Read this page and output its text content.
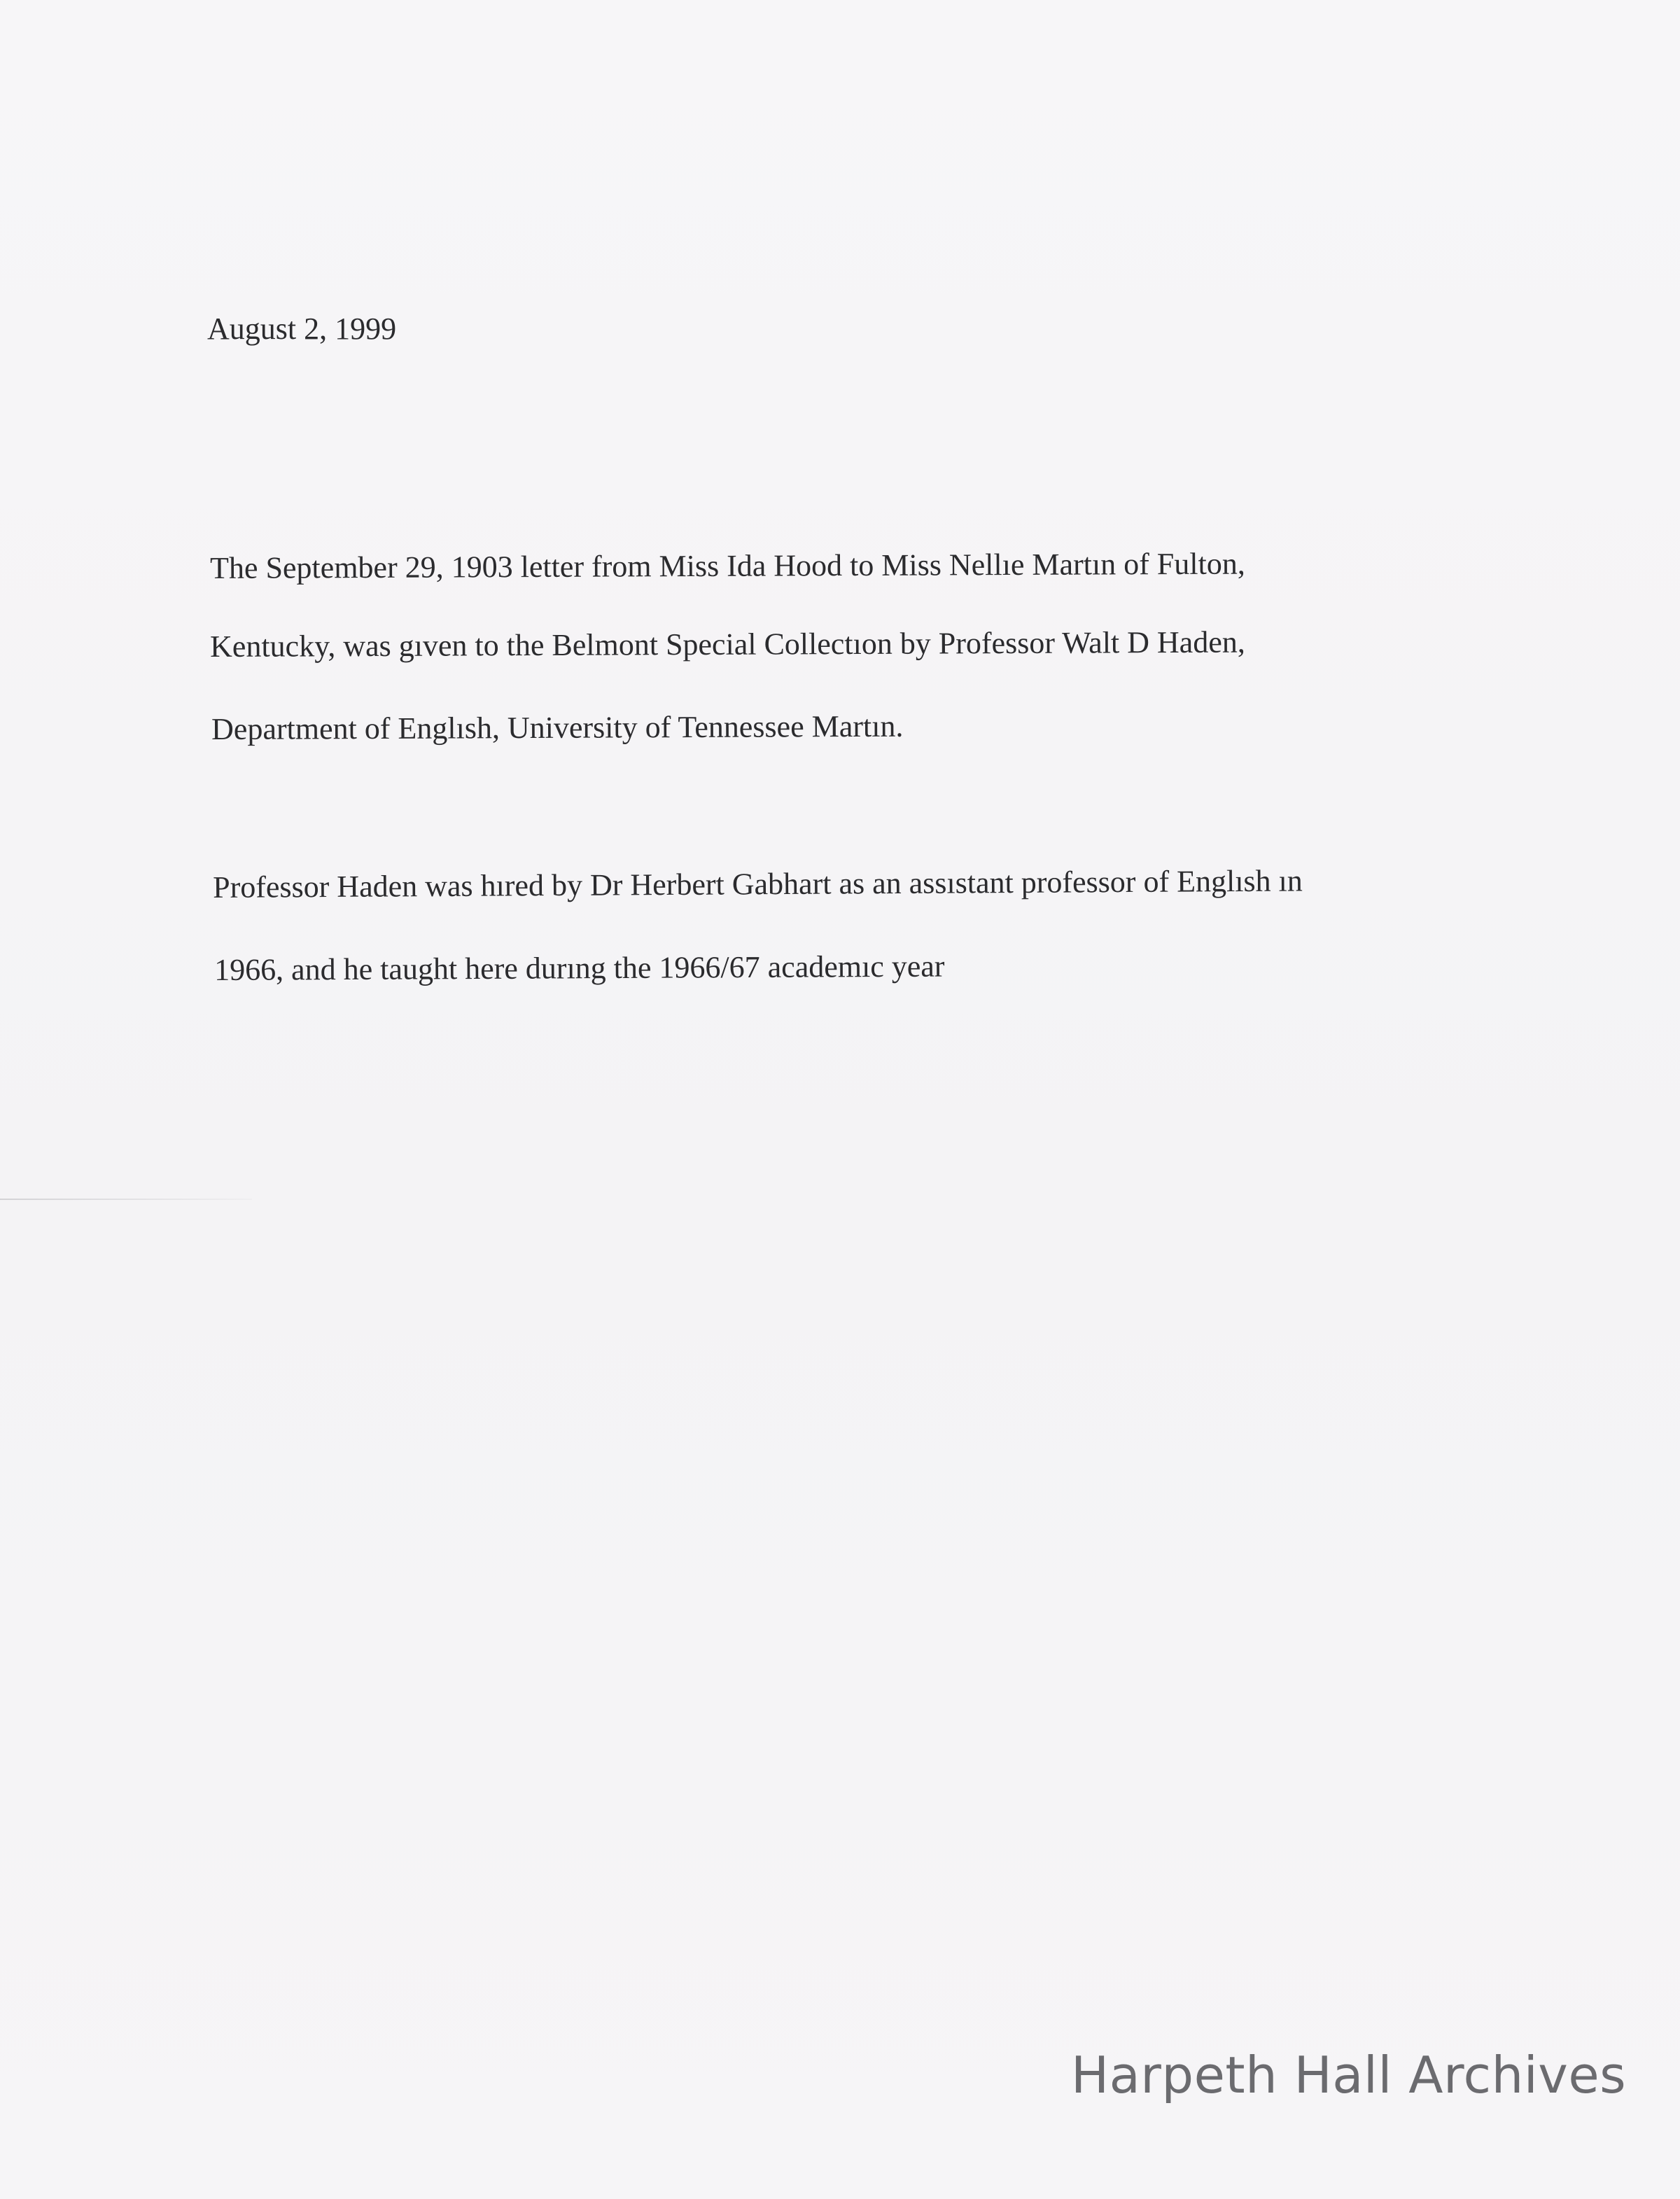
August 2, 1999
The September 29, 1903 letter from Miss Ida Hood to Miss Nellıe Martın of Fulton,
Kentucky, was gıven to the Belmont Special Collectıon by Professor Walt D Haden,
Department of Englısh, University of Tennessee Martın.
Professor Haden was hıred by Dr Herbert Gabhart as an assıstant professor of Englısh ın
1966, and he taught here durıng the 1966/67 academıc year
Harpeth Hall Archives
